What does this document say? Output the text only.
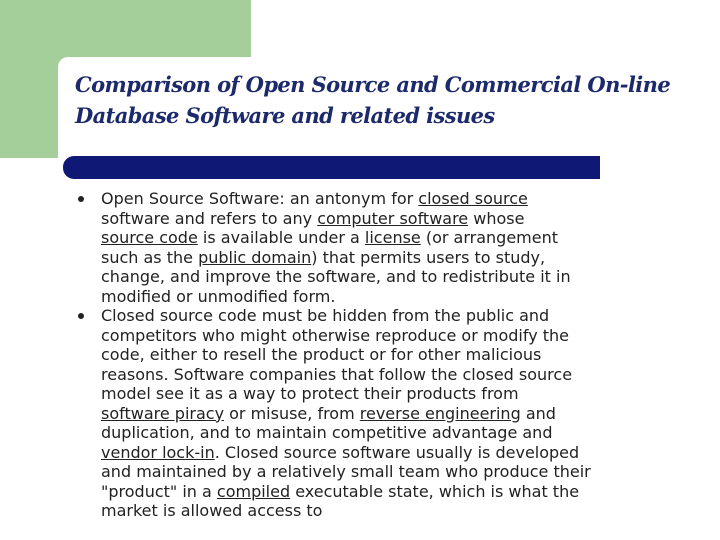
Comparison of Open Source and Commercial On-line
Database Software and related issues
Open Source Software: an antonym for closed source
software and refers to any computer software whose
source code is available under a license (or arrangement
such as the public domain) that permits users to study,
change, and improve the software, and to redistribute it in
modified or unmodified form.
Closed source code must be hidden from the public and
competitors who might otherwise reproduce or modify the
code, either to resell the product or for other malicious
reasons. Software companies that follow the closed source
model see it as a way to protect their products from
software piracy or misuse, from reverse engineering and
duplication, and to maintain competitive advantage and
vendor lock-in. Closed source software usually is developed
and maintained by a relatively small team who produce their
"product" in a compiled executable state, which is what the
market is allowed access to
